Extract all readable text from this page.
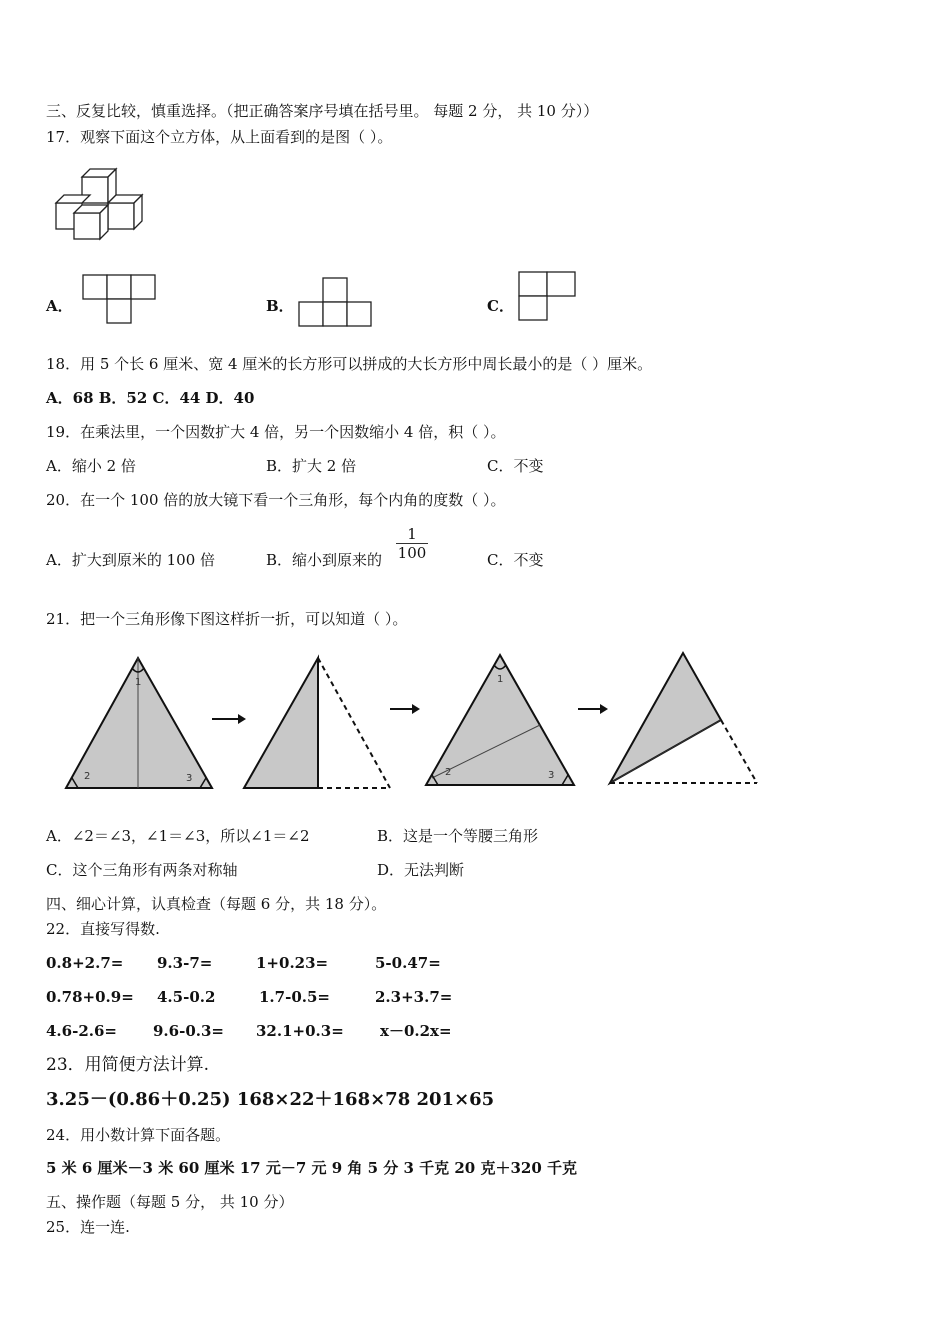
三、反复比较，慎重选择。（把正确答案序号填在括号里。 每题 2 分， 共 10 分））
17．观察下面这个立方体，从上面看到的是图（ ）。
A．	B．	C．
18．用 5 个长 6 厘米、宽 4 厘米的长方形可以拼成的大长方形中周长最小的是（ ）厘米。
A．68 B．52 C．44 D．40
19．在乘法里，一个因数扩大 4 倍，另一个因数缩小 4 倍，积（ ）。
A．缩小 2 倍	B．扩大 2 倍	C．不变
20．在一个 100 倍的放大镜下看一个三角形，每个内角的度数（ ）。
A．扩大到原米的 100 倍	B．缩小到原来的 $\frac{1}{100}$	C．不变
21．把一个三角形像下图这样折一折，可以知道（ ）。
1
2	3
1
2	3
A．∠2＝∠3，∠1＝∠3，所以∠1＝∠2	B．这是一个等腰三角形
C．这个三角形有两条对称轴	D．无法判断
四、细心计算，认真检查（每题 6 分，共 18 分）。
22．直接写得数.
0.8+2.7= 9.3-7=	1+0.23=	5-0.47=
0.78+0.9= 4.5-0.2	1.7-0.5=	2.3+3.7=
4.6-2.6= 9.6-0.3= 32.1+0.3= x－0.2x=
23．用简便方法计算.
3.25－(0.86＋0.25) 168×22＋168×78 201×65
24．用小数计算下面各题。
5 米 6 厘米－3 米 60 厘米 17 元－7 元 9 角 5 分 3 千克 20 克＋320 千克
五、操作题（每题 5 分， 共 10 分）
25．连一连.
